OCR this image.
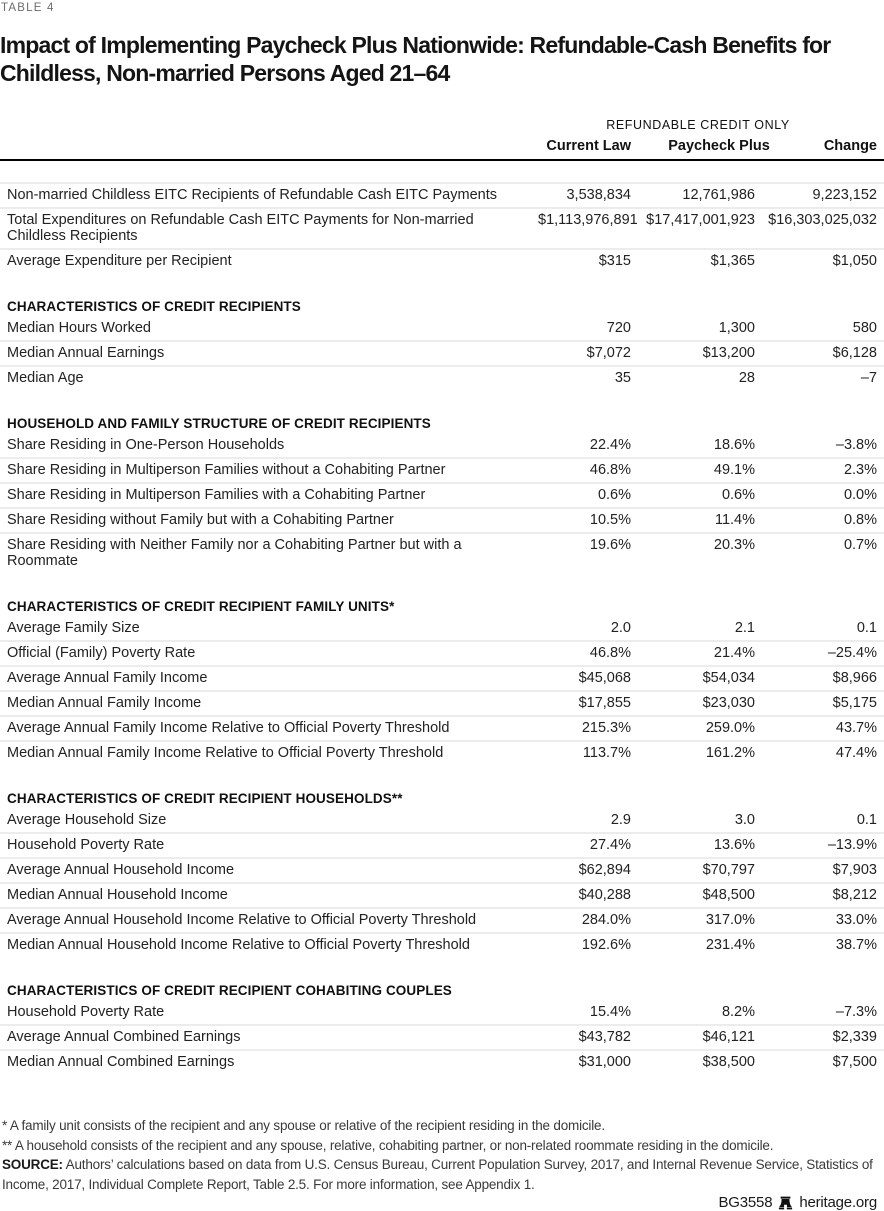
TABLE 4
Impact of Implementing Paycheck Plus Nationwide: Refundable-Cash Benefits for Childless, Non-married Persons Aged 21–64
REFUNDABLE CREDIT ONLY
Current Law	Paycheck Plus	Change
Non-married Childless EITC Recipients of Refundable Cash EITC Payments	3,538,834	12,761,986	9,223,152
Total Expenditures on Refundable Cash EITC Payments for Non-married Childless Recipients
$1,113,976,891 $17,417,001,923 $16,303,025,032
Average Expenditure per Recipient	$315	$1,365	$1,050
CHARACTERISTICS OF CREDIT RECIPIENTS
Median Hours Worked	720	1,300	580
Median Annual Earnings	$7,072	$13,200	$6,128
Median Age	35	28	–7
HOUSEHOLD AND FAMILY STRUCTURE OF CREDIT RECIPIENTS
Share Residing in One-Person Households	22.4%	18.6%	–3.8%
Share Residing in Multiperson Families without a Cohabiting Partner	46.8%	49.1%	2.3%
Share Residing in Multiperson Families with a Cohabiting Partner	0.6%	0.6%	0.0%
Share Residing without Family but with a Cohabiting Partner	10.5%	11.4%	0.8%
Share Residing with Neither Family nor a Cohabiting Partner but with a Roommate
19.6%	20.3%	0.7%
CHARACTERISTICS OF CREDIT RECIPIENT FAMILY UNITS*
Average Family Size	2.0	2.1	0.1
Official (Family) Poverty Rate	46.8%	21.4%	–25.4%
Average Annual Family Income	$45,068	$54,034	$8,966
Median Annual Family Income	$17,855	$23,030	$5,175
Average Annual Family Income Relative to Official Poverty Threshold	215.3%	259.0%	43.7%
Median Annual Family Income Relative to Official Poverty Threshold	113.7%	161.2%	47.4%
CHARACTERISTICS OF CREDIT RECIPIENT HOUSEHOLDS**
Average Household Size	2.9	3.0	0.1
Household Poverty Rate	27.4%	13.6%	–13.9%
Average Annual Household Income	$62,894	$70,797	$7,903
Median Annual Household Income	$40,288	$48,500	$8,212
Average Annual Household Income Relative to Official Poverty Threshold	284.0%	317.0%	33.0%
Median Annual Household Income Relative to Official Poverty Threshold	192.6%	231.4%	38.7%
CHARACTERISTICS OF CREDIT RECIPIENT COHABITING COUPLES
Household Poverty Rate	15.4%	8.2%	–7.3%
Average Annual Combined Earnings	$43,782	$46,121	$2,339
Median Annual Combined Earnings	$31,000	$38,500	$7,500

* A family unit consists of the recipient and any spouse or relative of the recipient residing in the domicile.

** A household consists of the recipient and any spouse, relative, cohabiting partner, or non-related roommate residing in the domicile.

SOURCE: Authors’ calculations based on data from U.S. Census Bureau, Current Population Survey, 2017, and Internal Revenue Service, Statistics of Income, 2017, Individual Complete Report, Table 2.5. For more information, see Appendix 1.

BG3558 heritage.org
